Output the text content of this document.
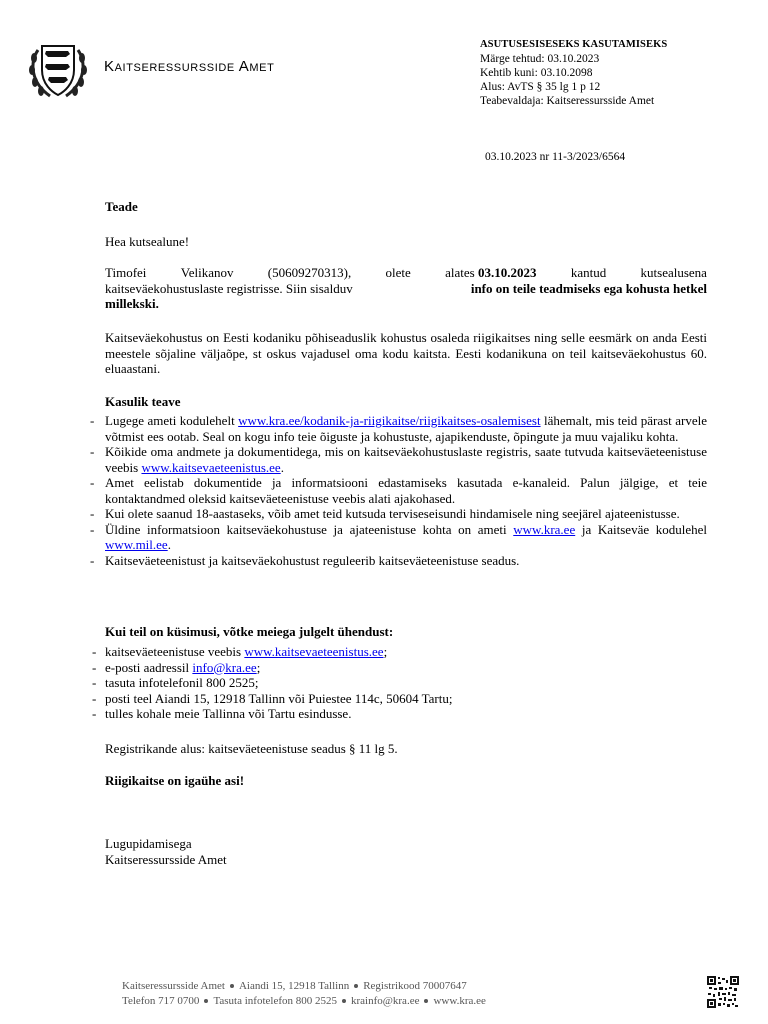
Kaitseressursside Amet
ASUTUSESISESEKS KASUTAMISEKS
Märge tehtud: 03.10.2023
Kehtib kuni: 03.10.2098
Alus: AvTS § 35 lg 1 p 12
Teabevaldaja: Kaitseressursside Amet
03.10.2023 nr 11-3/2023/6564
Teade
Hea kutsealune!
Timofei	Velikanov	(50609270313),	olete	alates 03.10.2023	kantud	kutsealusena
kaitseväekohustuslaste registrisse. Siin sisalduv	info on teile teadmiseks ega kohusta hetkel
millekski.
Kaitseväekohustus on Eesti kodaniku põhiseaduslik kohustus osaleda riigikaitses ning selle eesmärk on anda Eesti meestele sõjaline väljaõpe, st oskus vajadusel oma kodu kaitsta. Eesti kodanikuna on teil kaitseväekohustus 60. eluaastani.
Kasulik teave
- Lugege ameti kodulehelt www.kra.ee/kodanik-ja-riigikaitse/riigikaitses-osalemisest lähemalt, mis teid pärast arvele võtmist ees ootab. Seal on kogu info teie õiguste ja kohustuste, ajapikenduste, õpingute ja muu vajaliku kohta.
- Kõikide oma andmete ja dokumentidega, mis on kaitseväekohustuslaste registris, saate tutvuda kaitseväeteenistuse veebis www.kaitsevaeteenistus.ee.
- Amet eelistab dokumentide ja informatsiooni edastamiseks kasutada e-kanaleid. Palun jälgige, et teie kontaktandmed oleksid kaitseväeteenistuse veebis alati ajakohased.
- Kui olete saanud 18-aastaseks, võib amet teid kutsuda terviseseisundi hindamisele ning seejärel ajateenistusse.
- Üldine informatsioon kaitseväekohustuse ja ajateenistuse kohta on ameti www.kra.ee ja Kaitseväe kodulehel www.mil.ee.
- Kaitseväeteenistust ja kaitseväekohustust reguleerib kaitseväeteenistuse seadus.
Kui teil on küsimusi, võtke meiega julgelt ühendust:
- kaitseväeteenistuse veebis www.kaitsevaeteenistus.ee;
- e-posti aadressil info@kra.ee;
- tasuta infotelefonil 800 2525;
- posti teel Aiandi 15, 12918 Tallinn või Puiestee 114c, 50604 Tartu;
- tulles kohale meie Tallinna või Tartu esindusse.
Registrikande alus: kaitseväeteenistuse seadus § 11 lg 5.
Riigikaitse on igaühe asi!
Lugupidamisega
Kaitseressursside Amet
Kaitseressursside Amet Aiandi 15, 12918 Tallinn Registrikood 70007647
Telefon 717 0700 Tasuta infotelefon 800 2525 krainfo@kra.ee www.kra.ee
